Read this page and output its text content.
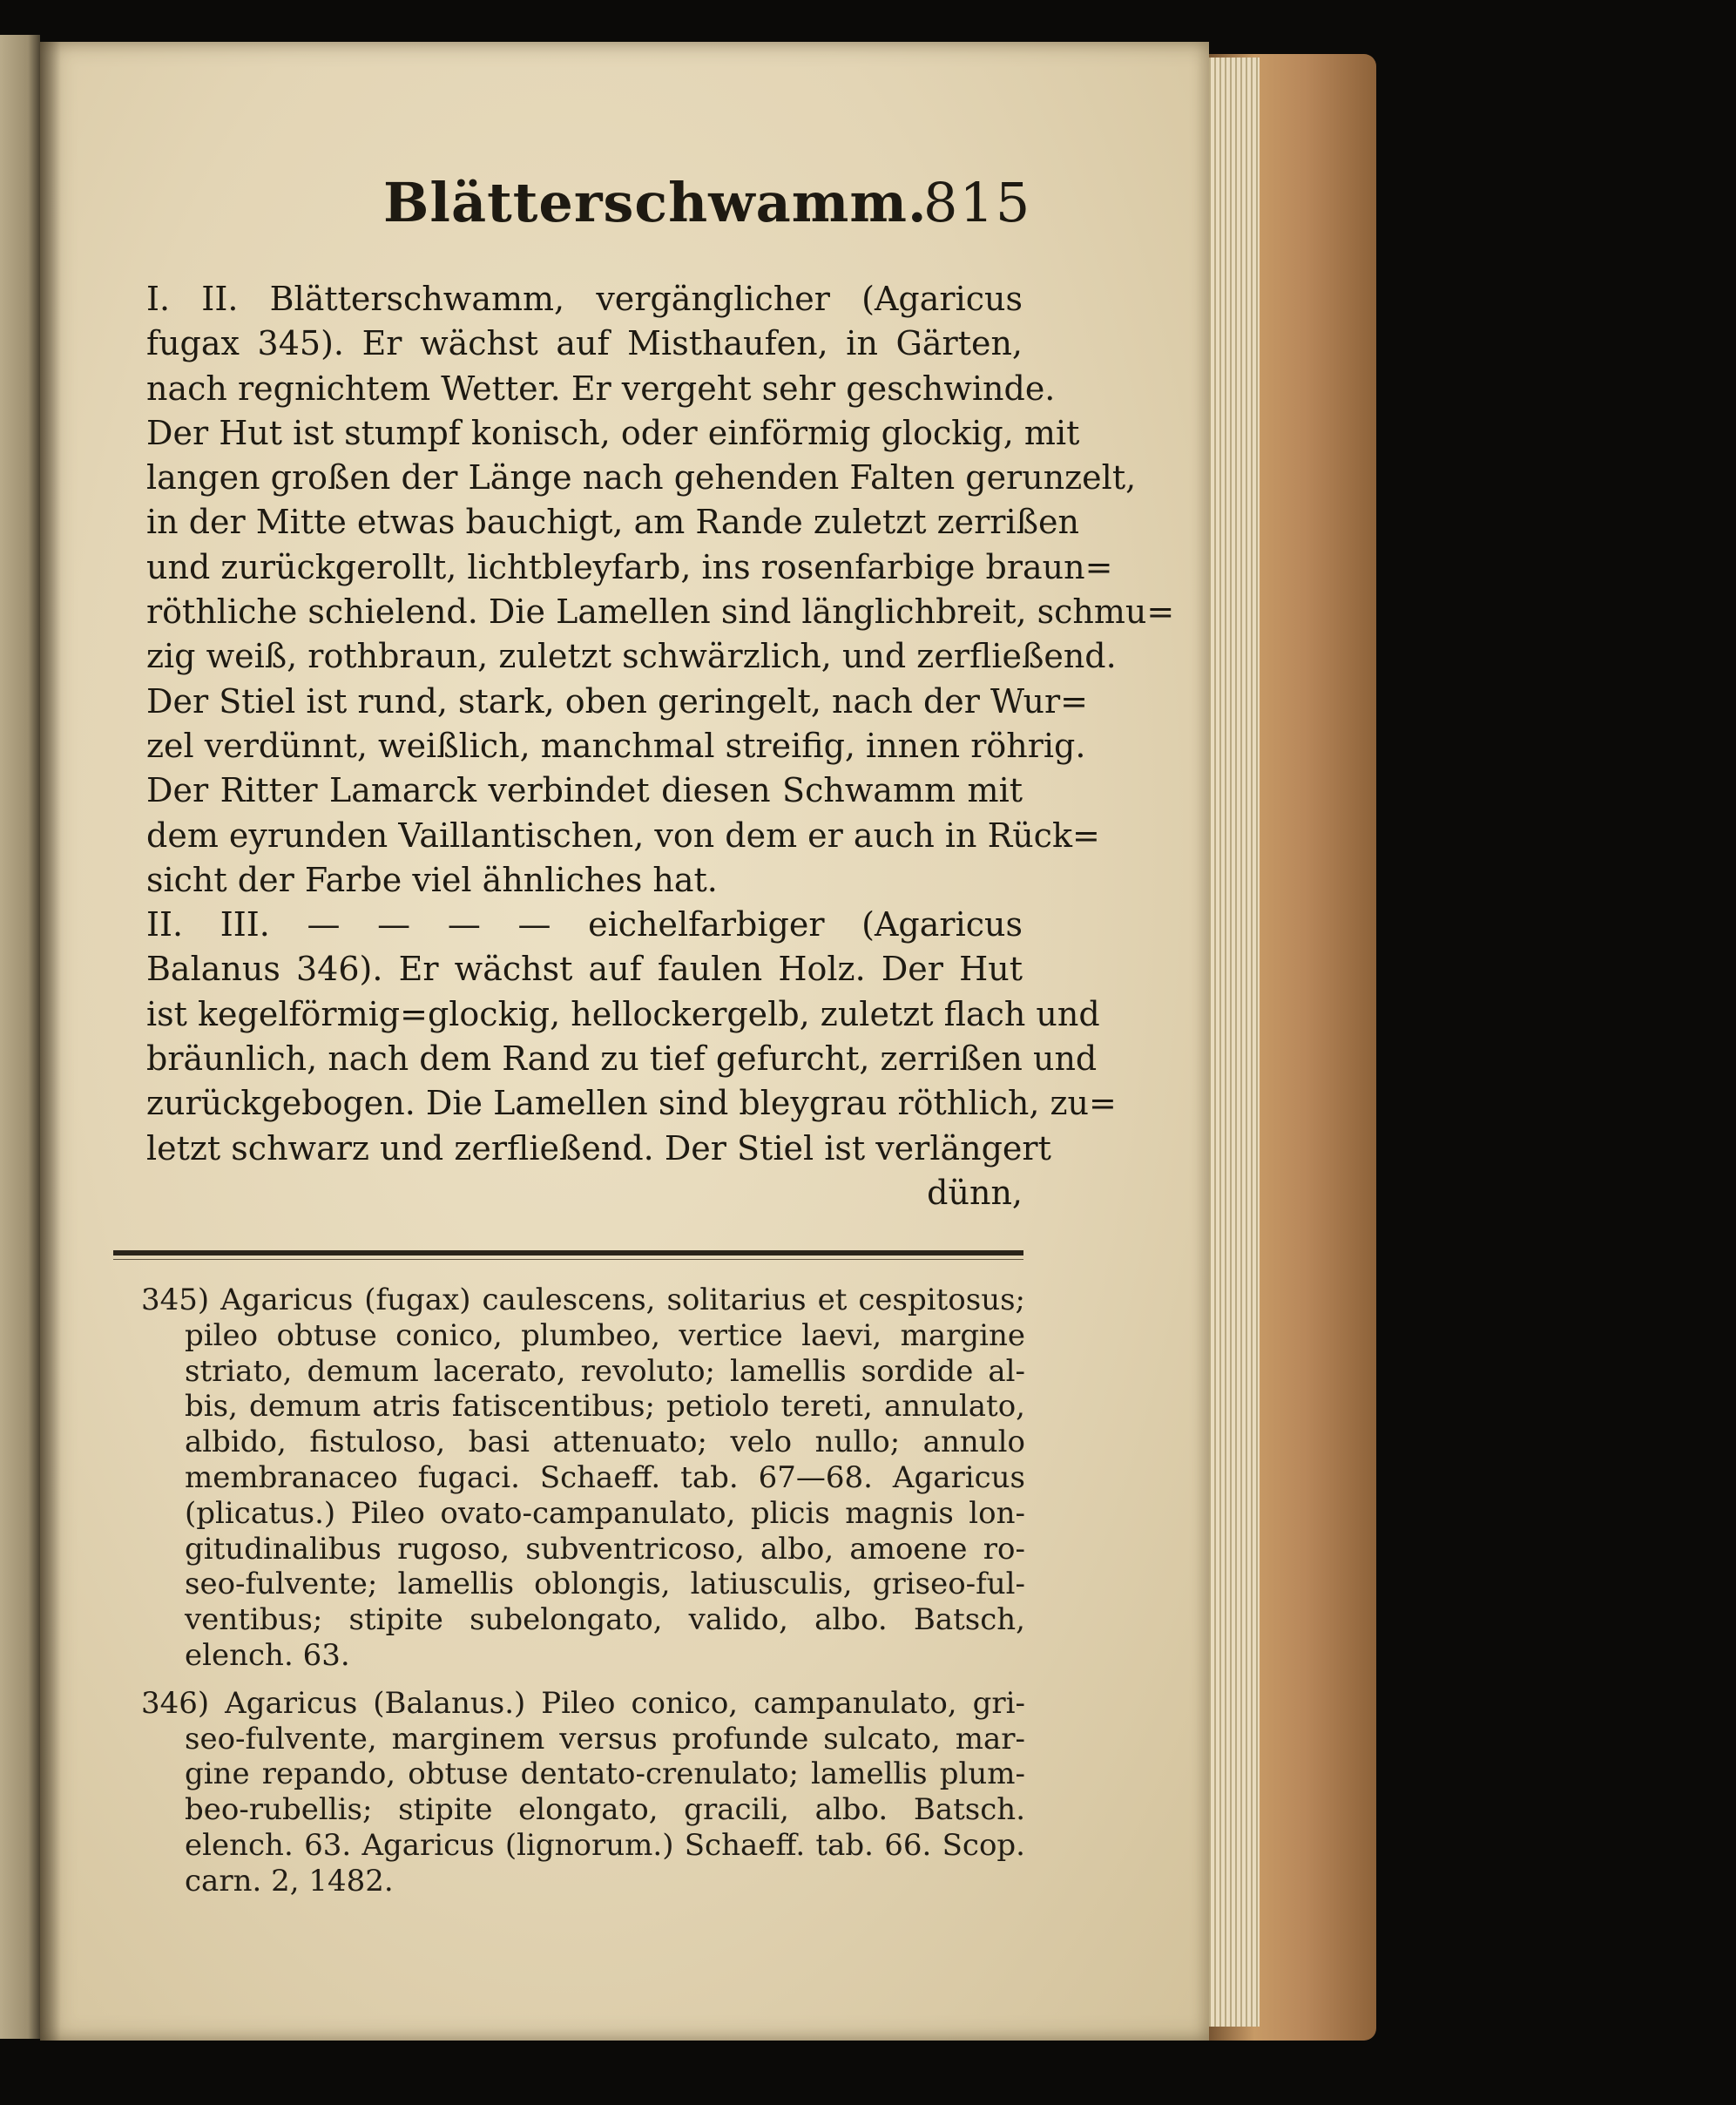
Blätterschwamm.
815
I. II. Blätterschwamm, vergänglicher (Agaricus
fugax 345). Er wächst auf Misthaufen, in Gärten,
nach regnichtem Wetter. Er vergeht sehr geschwinde.
Der Hut ist stumpf konisch, oder einförmig glockig, mit
langen großen der Länge nach gehenden Falten gerunzelt,
in der Mitte etwas bauchigt, am Rande zuletzt zerrißen
und zurückgerollt, lichtbleyfarb, ins rosenfarbige braun=
röthliche schielend. Die Lamellen sind länglichbreit, schmu=
zig weiß, rothbraun, zuletzt schwärzlich, und zerfließend.
Der Stiel ist rund, stark, oben geringelt, nach der Wur=
zel verdünnt, weißlich, manchmal streifig, innen röhrig.
Der Ritter Lamarck verbindet diesen Schwamm mit
dem eyrunden Vaillantischen, von dem er auch in Rück=
sicht der Farbe viel ähnliches hat.
II. III. — — — — eichelfarbiger (Agaricus
Balanus 346). Er wächst auf faulen Holz. Der Hut
ist kegelförmig=glockig, hellockergelb, zuletzt flach und
bräunlich, nach dem Rand zu tief gefurcht, zerrißen und
zurückgebogen. Die Lamellen sind bleygrau röthlich, zu=
letzt schwarz und zerfließend. Der Stiel ist verlängert
dünn,
345) Agaricus (fugax) caulescens, solitarius et cespitosus;
pileo obtuse conico, plumbeo, vertice laevi, margine
striato, demum lacerato, revoluto; lamellis sordide al-
bis, demum atris fatiscentibus; petiolo tereti, annulato,
albido, fistuloso, basi attenuato; velo nullo; annulo
membranaceo fugaci. Schaeff. tab. 67—68. Agaricus
(plicatus.) Pileo ovato-campanulato, plicis magnis lon-
gitudinalibus rugoso, subventricoso, albo, amoene ro-
seo-fulvente; lamellis oblongis, latiusculis, griseo-ful-
ventibus; stipite subelongato, valido, albo. Batsch,
elench. 63.
346) Agaricus (Balanus.) Pileo conico, campanulato, gri-
seo-fulvente, marginem versus profunde sulcato, mar-
gine repando, obtuse dentato-crenulato; lamellis plum-
beo-rubellis; stipite elongato, gracili, albo. Batsch.
elench. 63. Agaricus (lignorum.) Schaeff. tab. 66. Scop.
carn. 2, 1482.
